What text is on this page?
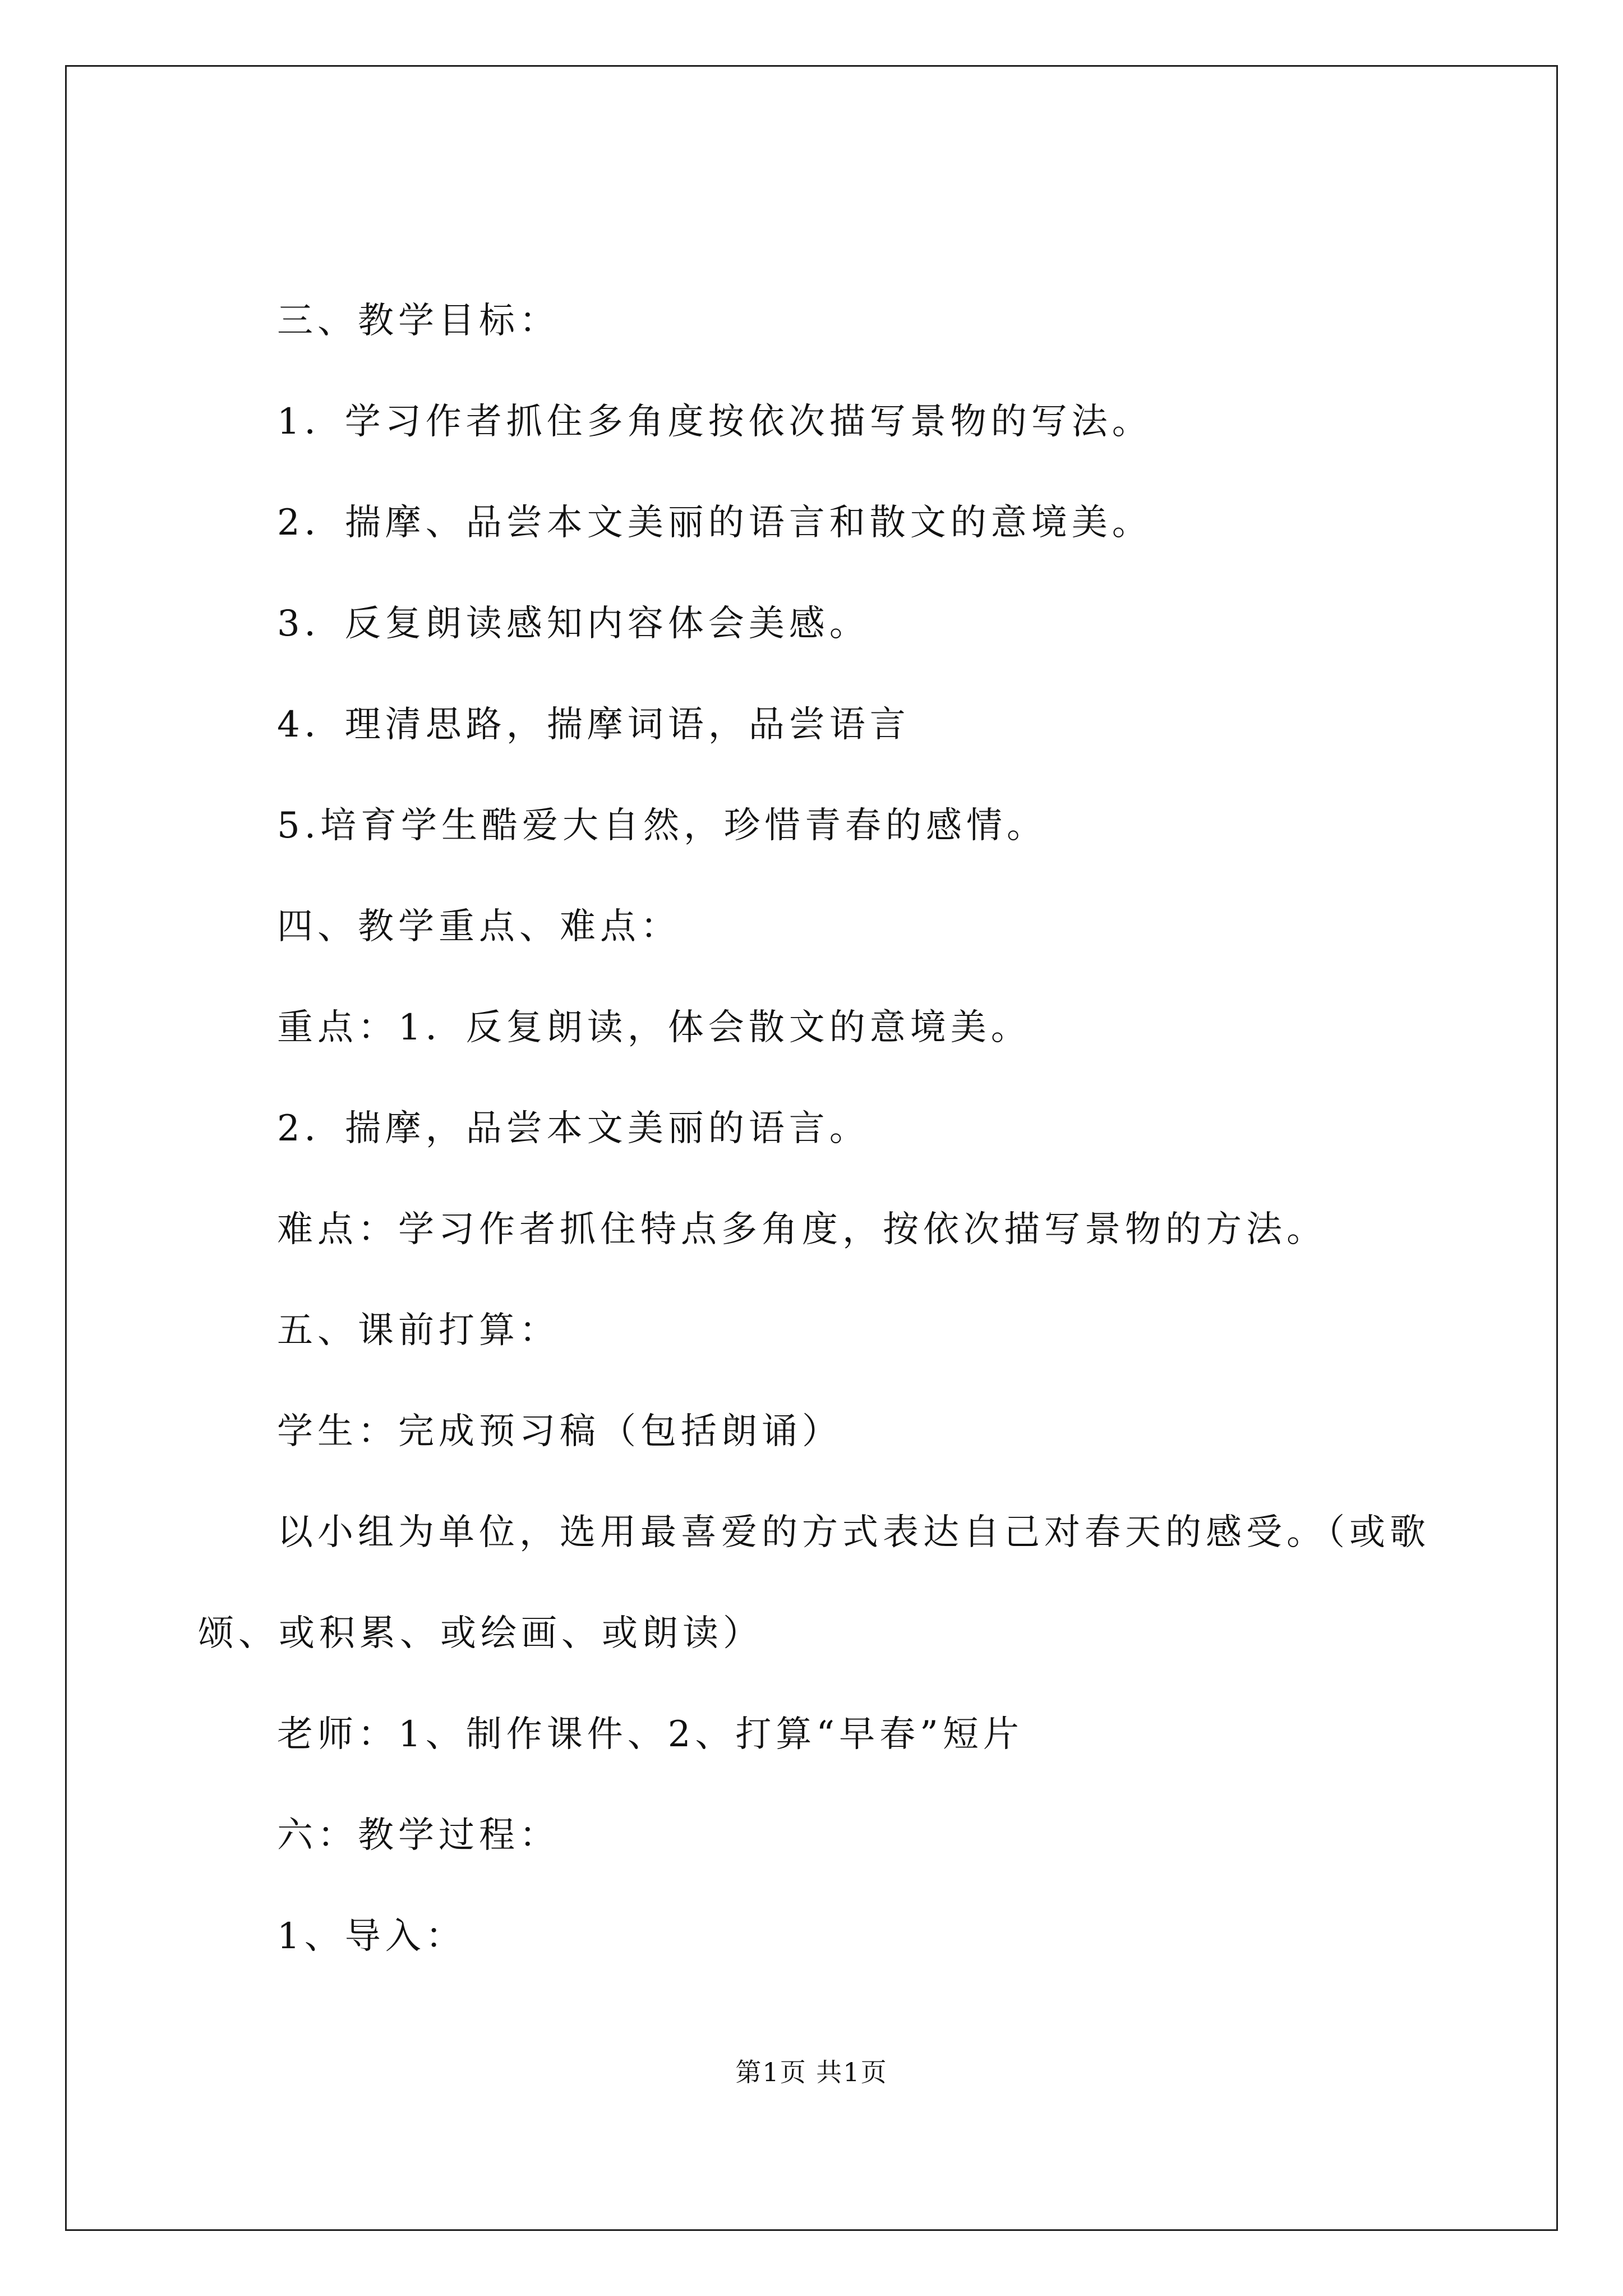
三、教学目标：
1．学习作者抓住多角度按依次描写景物的写法。
2．揣摩、品尝本文美丽的语言和散文的意境美。
3．反复朗读感知内容体会美感。
4．理清思路，揣摩词语，品尝语言
5.培育学生酷爱大自然，珍惜青春的感情。
四、教学重点、难点：
重点：1．反复朗读，体会散文的意境美。
2．揣摩，品尝本文美丽的语言。
难点：学习作者抓住特点多角度，按依次描写景物的方法。
五、课前打算：
学生：完成预习稿（包括朗诵）
以小组为单位，选用最喜爱的方式表达自己对春天的感受。（或歌
颂、或积累、或绘画、或朗读）
老师：1、制作课件、2、打算“早春”短片
六：教学过程：
1、导入：
第1页 共1页
